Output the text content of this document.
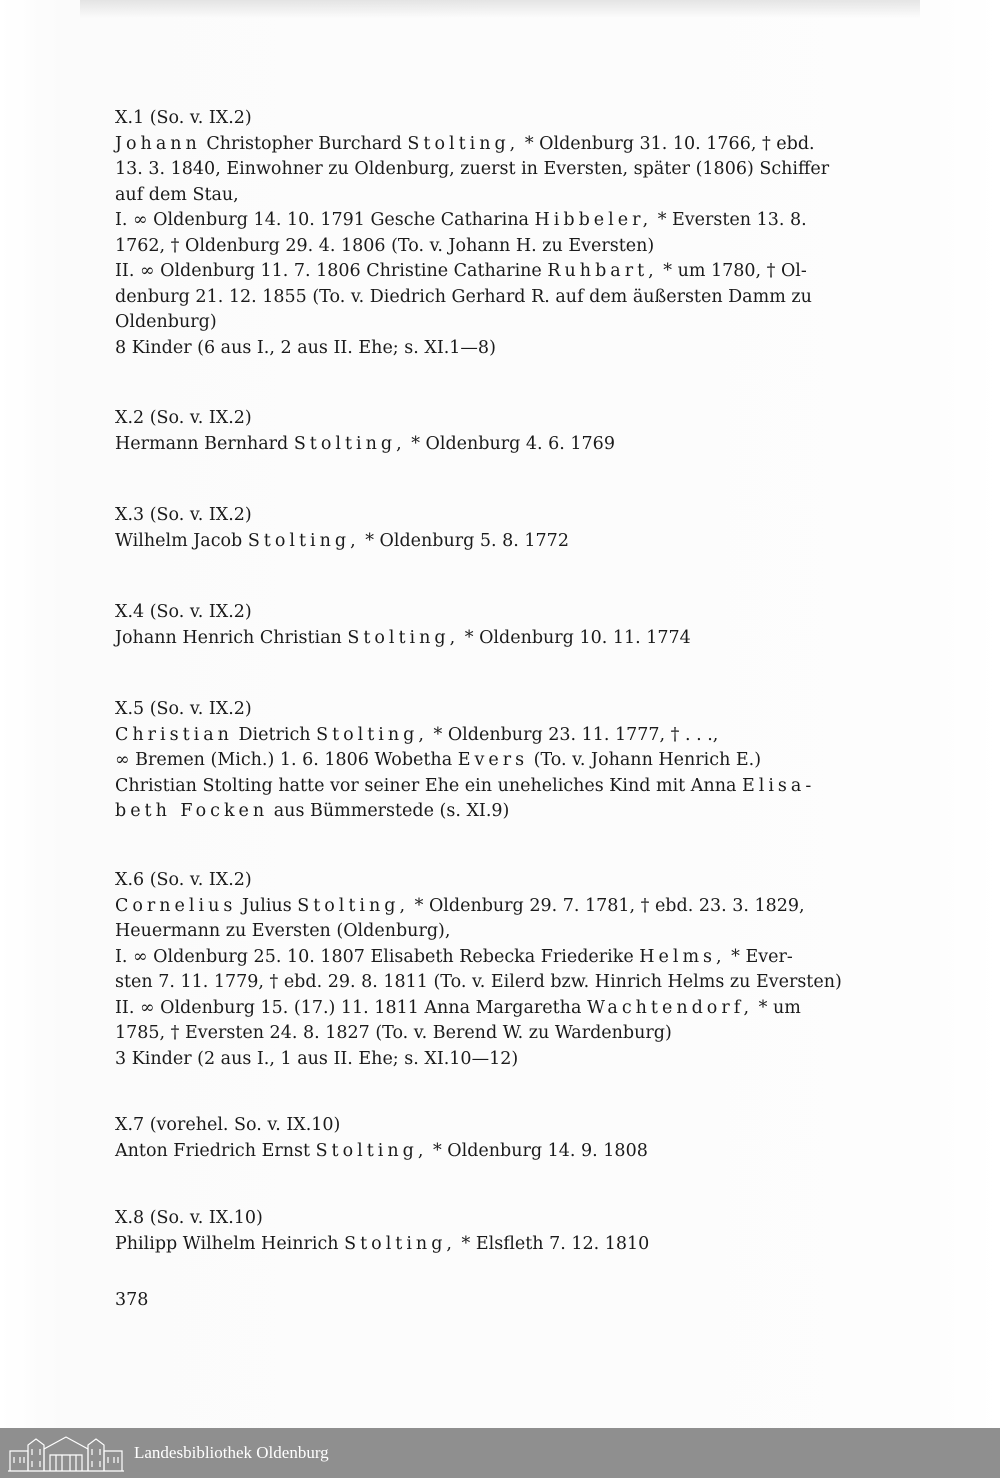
X.1 (So. v. IX.2)
Johann Christopher Burchard Stolting, * Oldenburg 31. 10. 1766, † ebd.
13. 3. 1840, Einwohner zu Oldenburg, zuerst in Eversten, später (1806) Schiffer
auf dem Stau,
I. ∞ Oldenburg 14. 10. 1791 Gesche Catharina Hibbeler, * Eversten 13. 8.
1762, † Oldenburg 29. 4. 1806 (To. v. Johann H. zu Eversten)
II. ∞ Oldenburg 11. 7. 1806 Christine Catharine Ruhbart, * um 1780, † Ol-
denburg 21. 12. 1855 (To. v. Diedrich Gerhard R. auf dem äußersten Damm zu
Oldenburg)
8 Kinder (6 aus I., 2 aus II. Ehe; s. XI.1—8)
X.2 (So. v. IX.2)
Hermann Bernhard Stolting, * Oldenburg 4. 6. 1769
X.3 (So. v. IX.2)
Wilhelm Jacob Stolting, * Oldenburg 5. 8. 1772
X.4 (So. v. IX.2)
Johann Henrich Christian Stolting, * Oldenburg 10. 11. 1774
X.5 (So. v. IX.2)
Christian Dietrich Stolting, * Oldenburg 23. 11. 1777, † . . .,
∞ Bremen (Mich.) 1. 6. 1806 Wobetha Evers (To. v. Johann Henrich E.)
Christian Stolting hatte vor seiner Ehe ein uneheliches Kind mit Anna Elisa-
beth Focken aus Bümmerstede (s. XI.9)
X.6 (So. v. IX.2)
Cornelius Julius Stolting, * Oldenburg 29. 7. 1781, † ebd. 23. 3. 1829,
Heuermann zu Eversten (Oldenburg),
I. ∞ Oldenburg 25. 10. 1807 Elisabeth Rebecka Friederike Helms, * Ever-
sten 7. 11. 1779, † ebd. 29. 8. 1811 (To. v. Eilerd bzw. Hinrich Helms zu Eversten)
II. ∞ Oldenburg 15. (17.) 11. 1811 Anna Margaretha Wachtendorf, * um
1785, † Eversten 24. 8. 1827 (To. v. Berend W. zu Wardenburg)
3 Kinder (2 aus I., 1 aus II. Ehe; s. XI.10—12)
X.7 (vorehel. So. v. IX.10)
Anton Friedrich Ernst Stolting, * Oldenburg 14. 9. 1808
X.8 (So. v. IX.10)
Philipp Wilhelm Heinrich Stolting, * Elsfleth 7. 12. 1810
378
Landesbibliothek Oldenburg
